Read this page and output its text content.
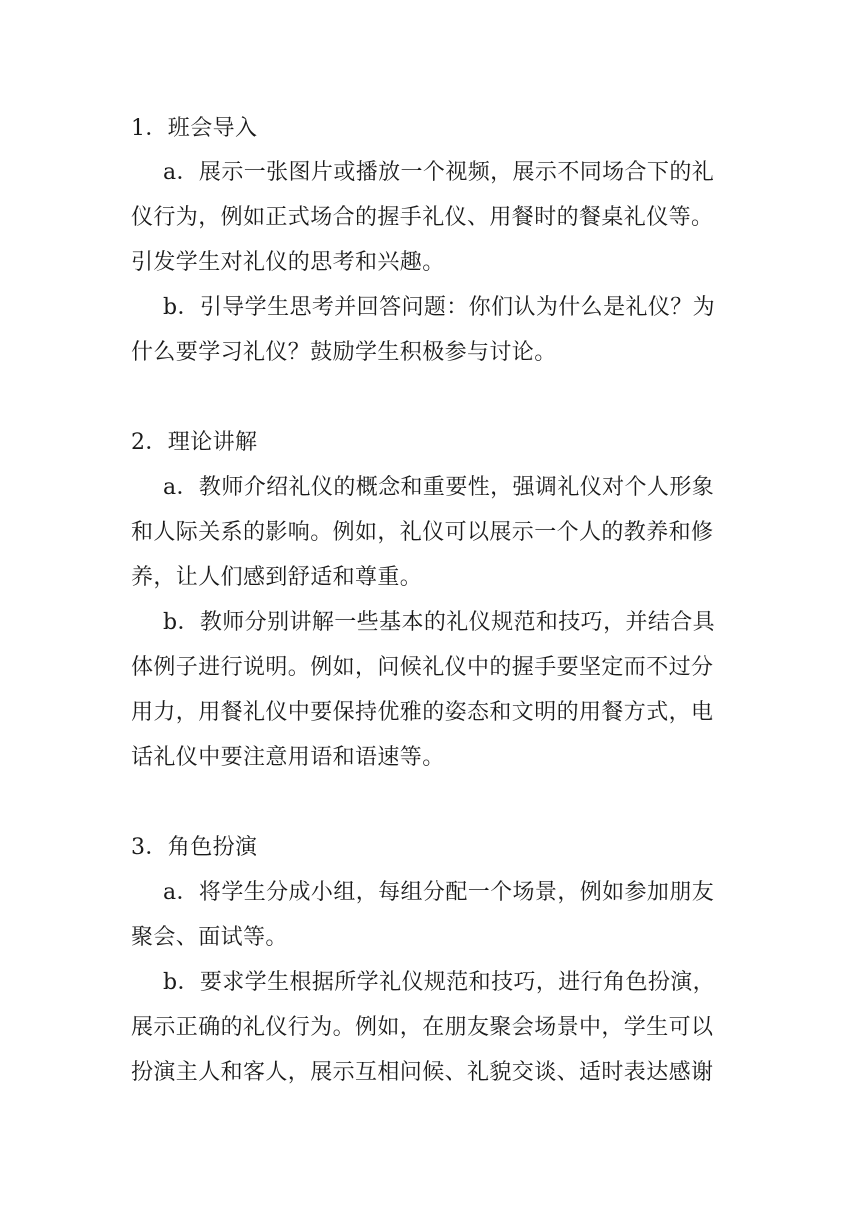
1．班会导入
a．展示一张图片或播放一个视频，展示不同场合下的礼
仪行为，例如正式场合的握手礼仪、用餐时的餐桌礼仪等。
引发学生对礼仪的思考和兴趣。
b．引导学生思考并回答问题：你们认为什么是礼仪？为
什么要学习礼仪？鼓励学生积极参与讨论。
2．理论讲解
a．教师介绍礼仪的概念和重要性，强调礼仪对个人形象
和人际关系的影响。例如，礼仪可以展示一个人的教养和修
养，让人们感到舒适和尊重。
b．教师分别讲解一些基本的礼仪规范和技巧，并结合具
体例子进行说明。例如，问候礼仪中的握手要坚定而不过分
用力，用餐礼仪中要保持优雅的姿态和文明的用餐方式，电
话礼仪中要注意用语和语速等。
3．角色扮演
a．将学生分成小组，每组分配一个场景，例如参加朋友
聚会、面试等。
b．要求学生根据所学礼仪规范和技巧，进行角色扮演，
展示正确的礼仪行为。例如，在朋友聚会场景中，学生可以
扮演主人和客人，展示互相问候、礼貌交谈、适时表达感谢
